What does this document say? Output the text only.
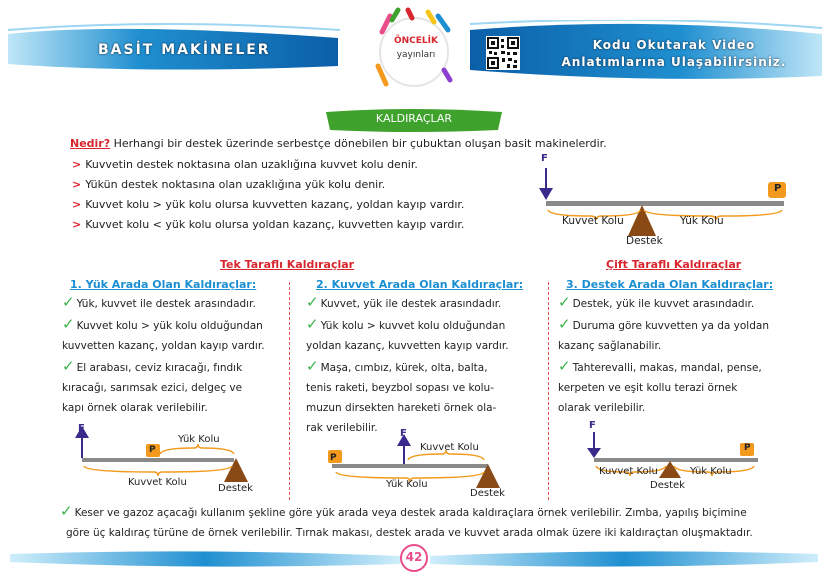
BASİT MAKİNELER
ÖNCELİK
yayınları
Kodu Okutarak Video
Anlatımlarına Ulaşabilirsiniz.
KALDIRAÇLAR
Nedir? Herhangi bir destek üzerinde serbestçe dönebilen bir çubuktan oluşan basit makinelerdir.
> Kuvvetin destek noktasına olan uzaklığına kuvvet kolu denir.
> Yükün destek noktasına olan uzaklığına yük kolu denir.
> Kuvvet kolu > yük kolu olursa kuvvetten kazanç, yoldan kayıp vardır.
> Kuvvet kolu < yük kolu olursa yoldan kazanç, kuvvetten kayıp vardır.
F
P
Kuvvet Kolu	Yük Kolu
Destek
Tek Taraflı Kaldıraçlar	Çift Taraflı Kaldıraçlar
1. Yük Arada Olan Kaldıraçlar:
✓ Yük, kuvvet ile destek arasındadır.
✓ Kuvvet kolu > yük kolu olduğundan
kuvvetten kazanç, yoldan kayıp vardır.
✓ El arabası, ceviz kıracağı, fındık
kıracağı, sarımsak ezici, delgeç ve
kapı örnek olarak verilebilir.
F
P
Yük Kolu
Kuvvet Kolu
Destek
2. Kuvvet Arada Olan Kaldıraçlar:
✓ Kuvvet, yük ile destek arasındadır.
✓ Yük kolu > kuvvet kolu olduğundan
yoldan kazanç, kuvvetten kayıp vardır.
✓ Maşa, cımbız, kürek, olta, balta,
tenis raketi, beyzbol sopası ve kolu-
muzun dirsekten hareketi örnek ola-
rak verilebilir.
P
F
Kuvvet Kolu
Yük Kolu
Destek
3. Destek Arada Olan Kaldıraçlar:
✓ Destek, yük ile kuvvet arasındadır.
✓ Duruma göre kuvvetten ya da yoldan
kazanç sağlanabilir.
✓ Tahterevalli, makas, mandal, pense,
kerpeten ve eşit kollu terazi örnek
olarak verilebilir.
F
P
Kuvvet Kolu	Yük Kolu
Destek
✓ Keser ve gazoz açacağı kullanım şekline göre yük arada veya destek arada kaldıraçlara örnek verilebilir. Zımba, yapılış biçimine
göre üç kaldıraç türüne de örnek verilebilir. Tırnak makası, destek arada ve kuvvet arada olmak üzere iki kaldıraçtan oluşmaktadır.
42
